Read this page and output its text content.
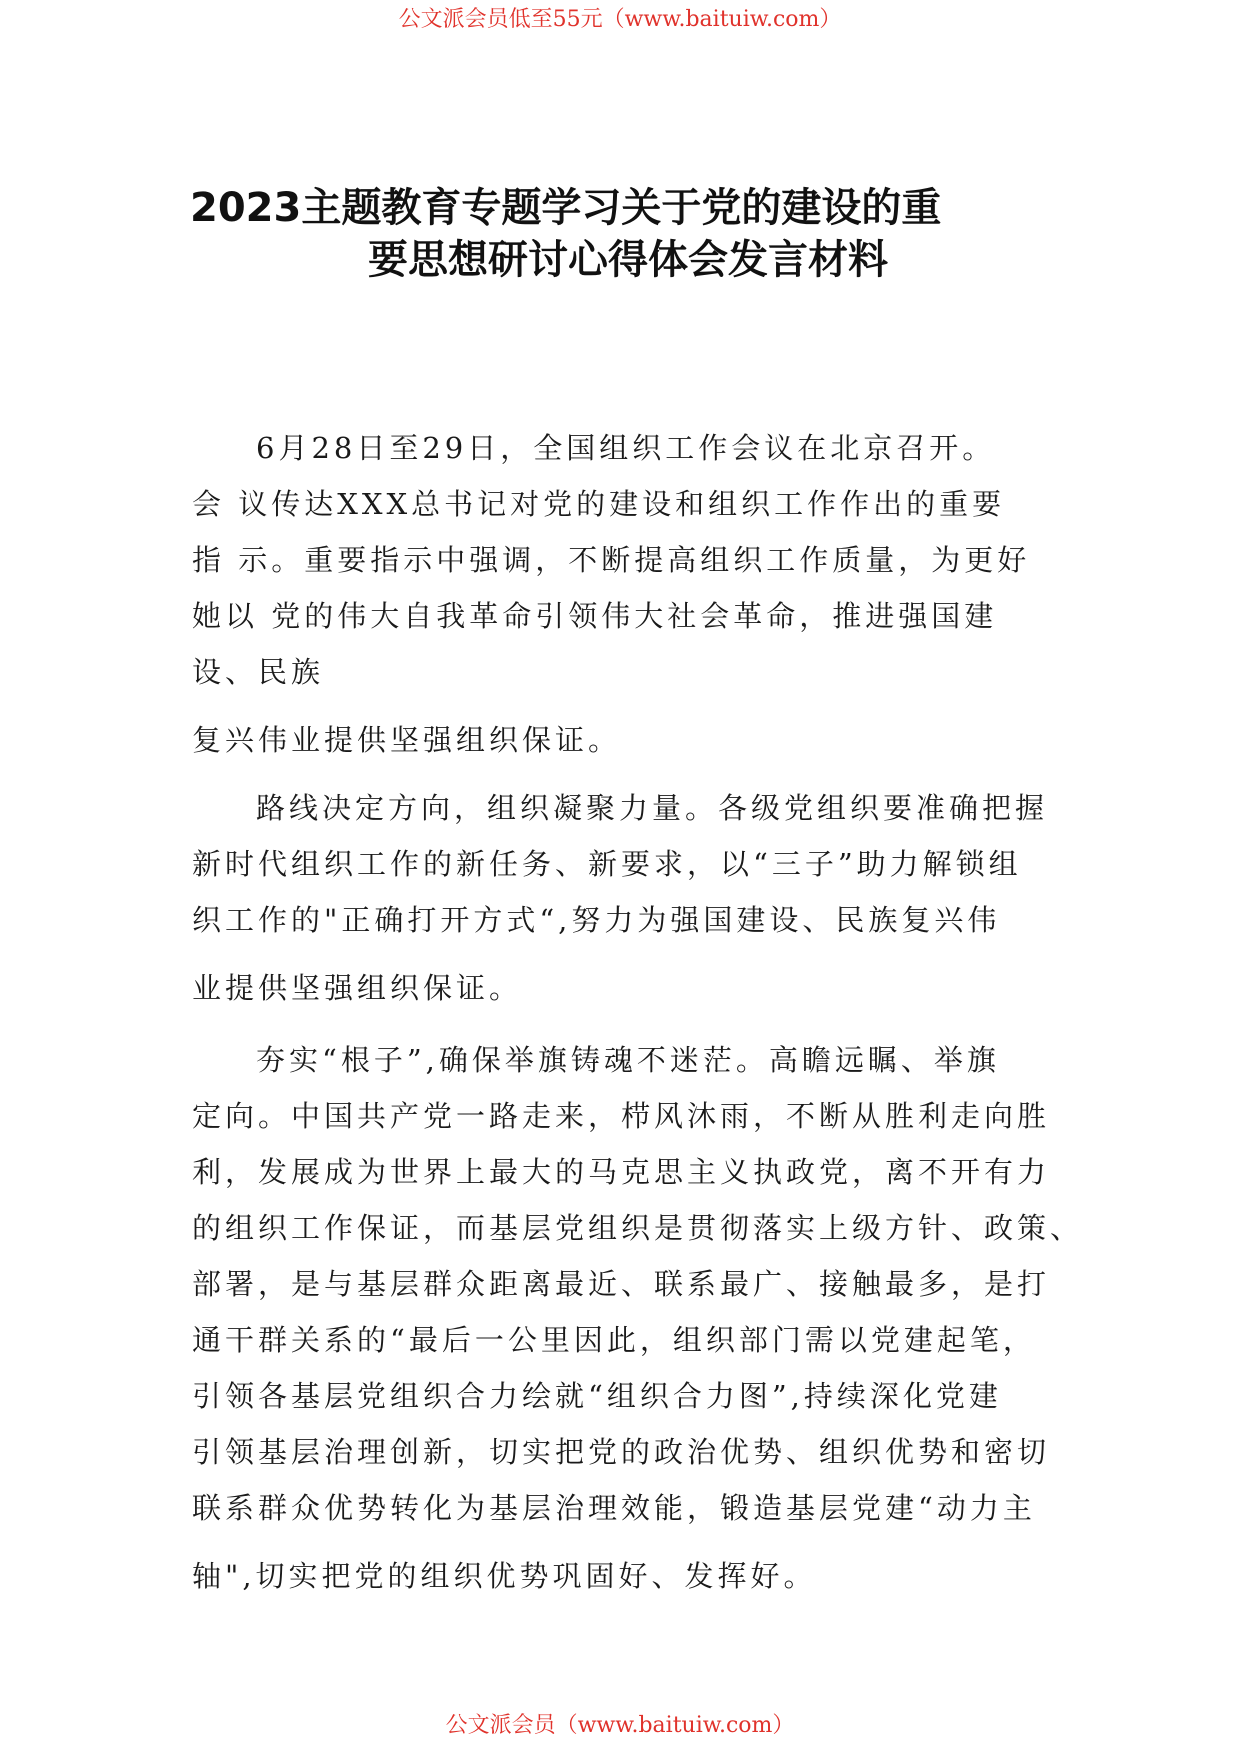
公文派会员低至55元（www.baituiw.com）
2023主题教育专题学习关于党的建设的重
要思想研讨心得体会发言材料
6月28日至29日，全国组织工作会议在北京召开。
会 议传达XXX总书记对党的建设和组织工作作出的重要
指 示。重要指示中强调，不断提高组织工作质量，为更好
她以 党的伟大自我革命引领伟大社会革命，推进强国建
设、民族
复兴伟业提供坚强组织保证。
路线决定方向，组织凝聚力量。各级党组织要准确把握
新时代组织工作的新任务、新要求，以“三子”助力解锁组
织工作的"正确打开方式“,努力为强国建设、民族复兴伟
业提供坚强组织保证。
夯实“根子”,确保举旗铸魂不迷茫。高瞻远瞩、举旗
定向。中国共产党一路走来，栉风沐雨，不断从胜利走向胜
利，发展成为世界上最大的马克思主义执政党，离不开有力
的组织工作保证，而基层党组织是贯彻落实上级方针、政策、
部署，是与基层群众距离最近、联系最广、接触最多，是打
通干群关系的“最后一公里因此，组织部门需以党建起笔，
引领各基层党组织合力绘就“组织合力图”,持续深化党建
引领基层治理创新，切实把党的政治优势、组织优势和密切
联系群众优势转化为基层治理效能，锻造基层党建“动力主
轴",切实把党的组织优势巩固好、发挥好。
公文派会员（www.baituiw.com）
